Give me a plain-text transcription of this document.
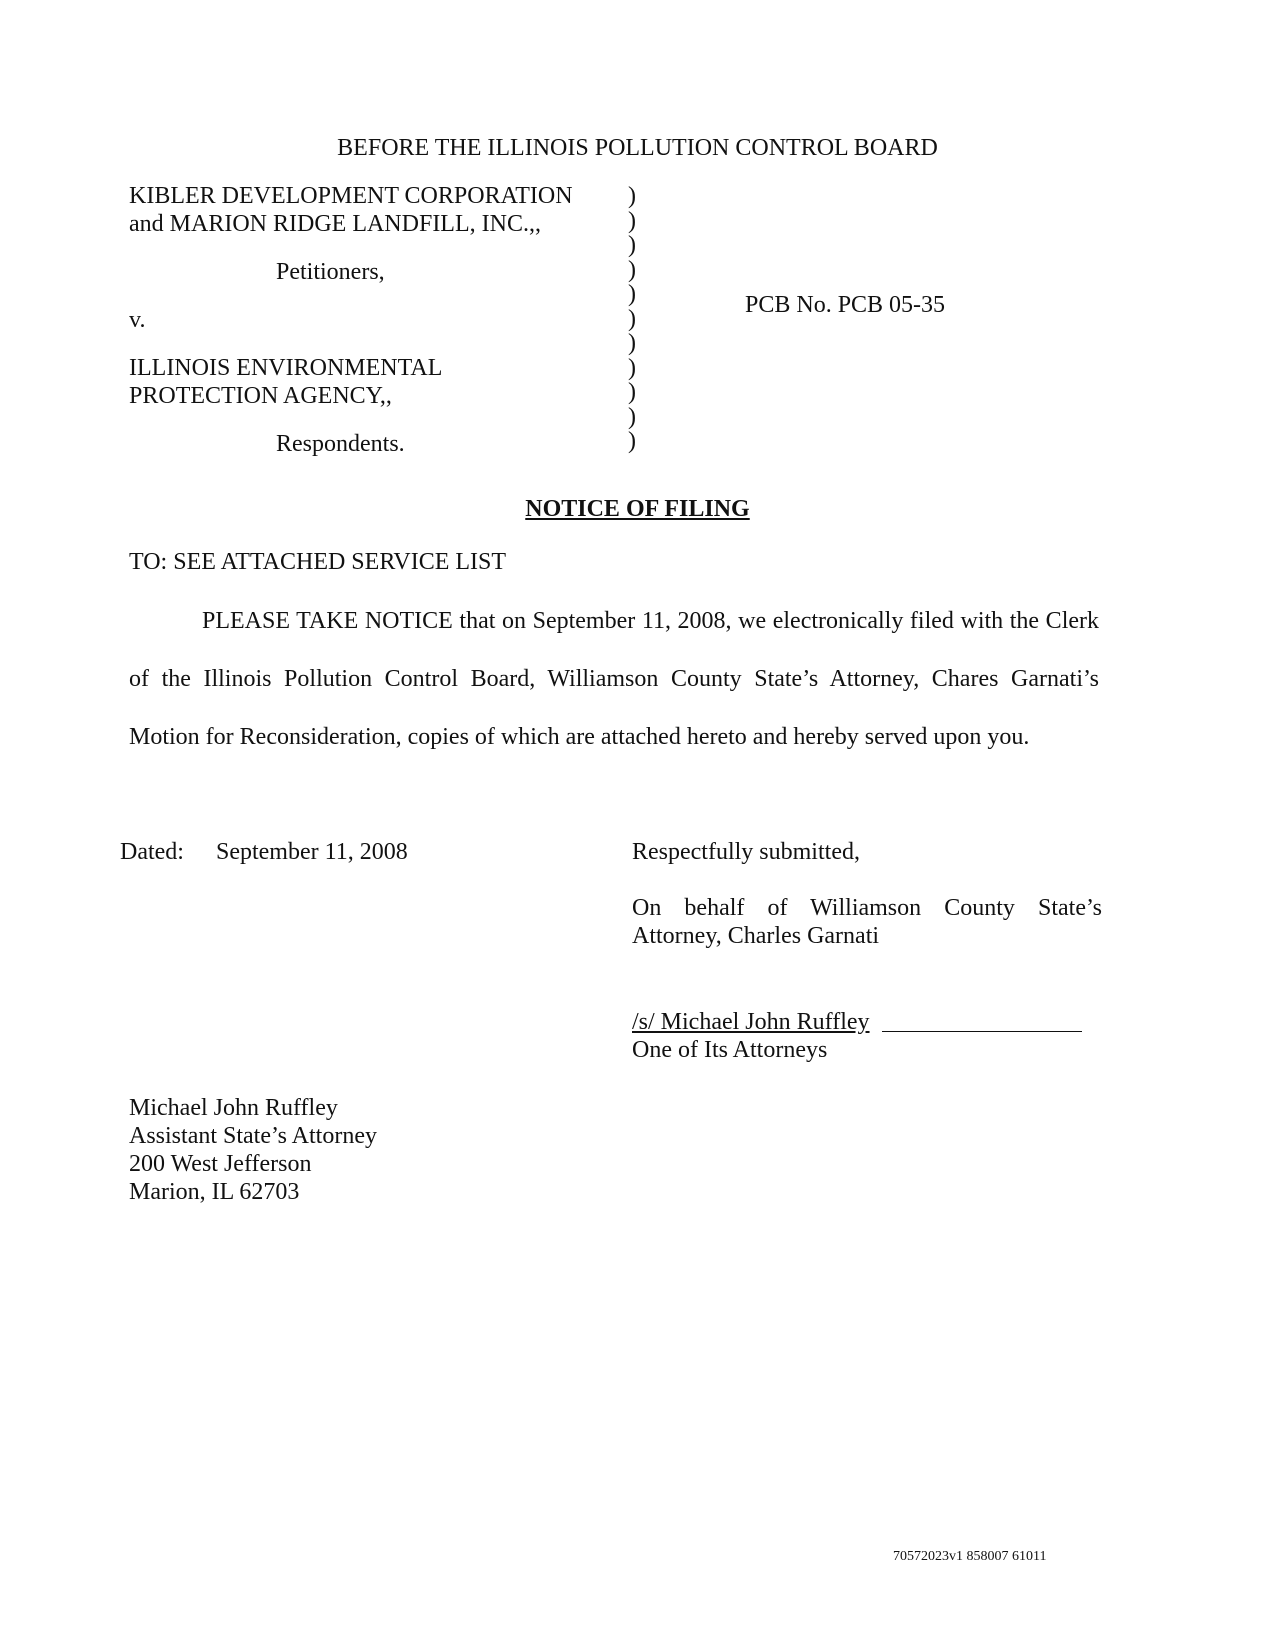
BEFORE THE ILLINOIS POLLUTION CONTROL BOARD
KIBLER DEVELOPMENT CORPORATION
and MARION RIDGE LANDFILL, INC.,,
Petitioners,
v.
ILLINOIS ENVIRONMENTAL
PROTECTION AGENCY,,
Respondents.
)
)
)
)
)
)
)
)
)
)
)
PCB No. PCB 05-35
NOTICE OF FILING
TO: SEE ATTACHED SERVICE LIST

PLEASE TAKE NOTICE that on September 11, 2008, we electronically filed with the Clerk of the Illinois Pollution Control Board, Williamson County State’s Attorney, Chares Garnati’s Motion for Reconsideration, copies of which are attached hereto and hereby served upon you.

Dated: September 11, 2008	Respectfully submitted,

On behalf of Williamson County State’s Attorney, Charles Garnati

/s/ Michael John Ruffley
One of Its Attorneys
Michael John Ruffley
Assistant State’s Attorney
200 West Jefferson
Marion, IL 62703
70572023v1 858007 61011
